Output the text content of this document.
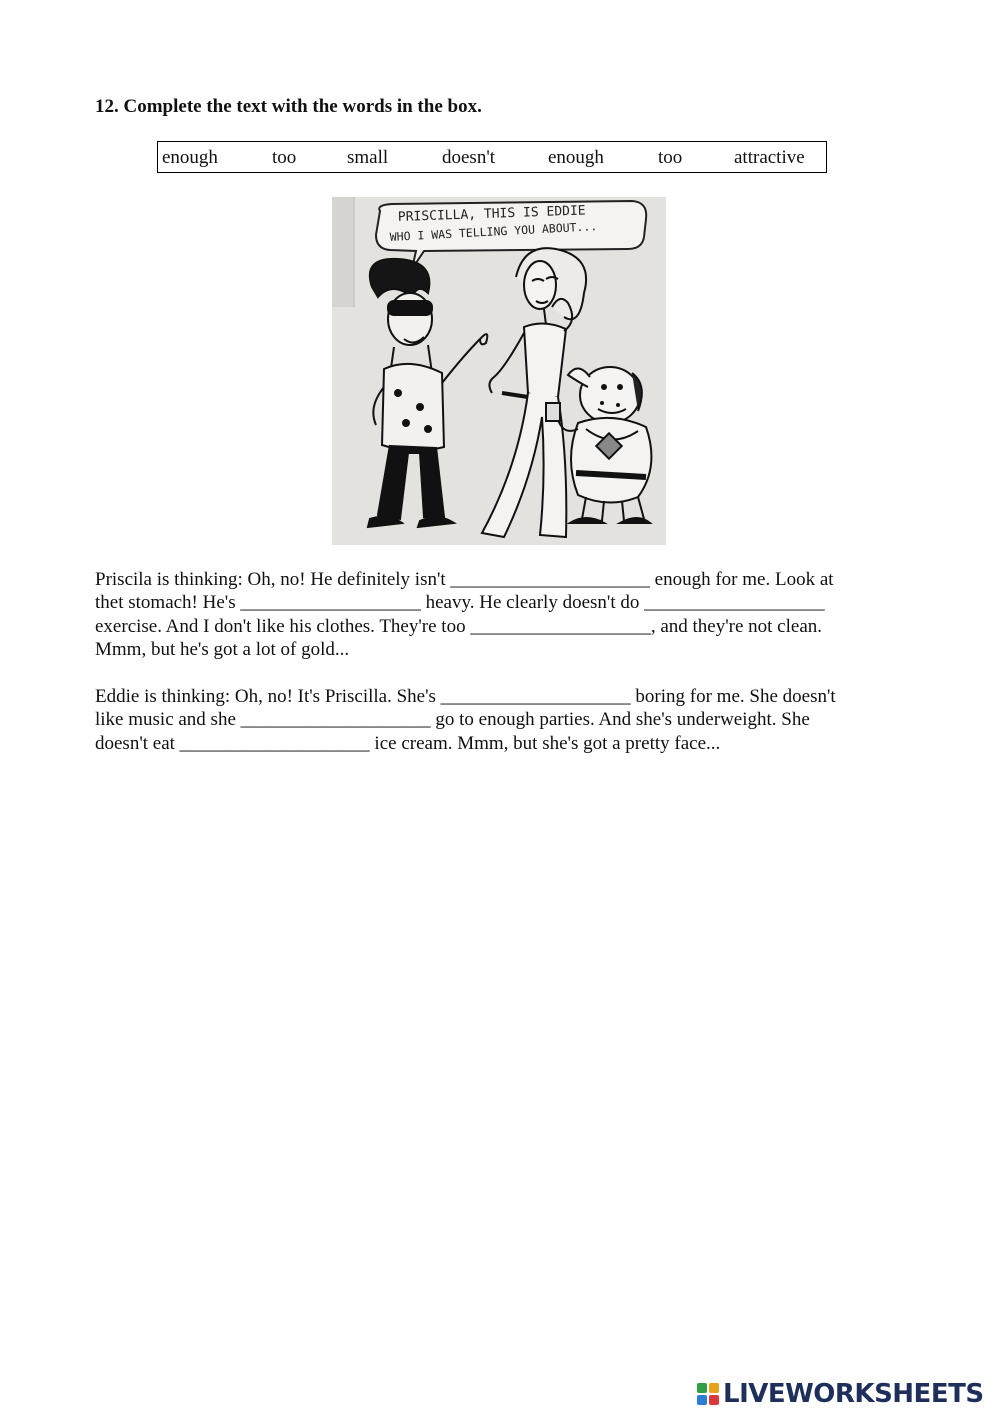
12. Complete the text with the words in the box.
enough	too	small	doesn't	enough	too	attractive
PRISCILLA, THIS IS EDDIE
WHO I WAS TELLING YOU ABOUT...
Priscila is thinking: Oh, no! He definitely isn't _____________________ enough for me. Look at
thet stomach! He's ___________________ heavy. He clearly doesn't do ___________________
exercise. And I don't like his clothes. They're too ___________________, and they're not clean.
Mmm, but he's got a lot of gold...
Eddie is thinking: Oh, no! It's Priscilla. She's ____________________ boring for me. She doesn't
like music and she ____________________ go to enough parties. And she's underweight. She
doesn't eat ____________________ ice cream. Mmm, but she's got a pretty face...
LIVEWORKSHEETS
